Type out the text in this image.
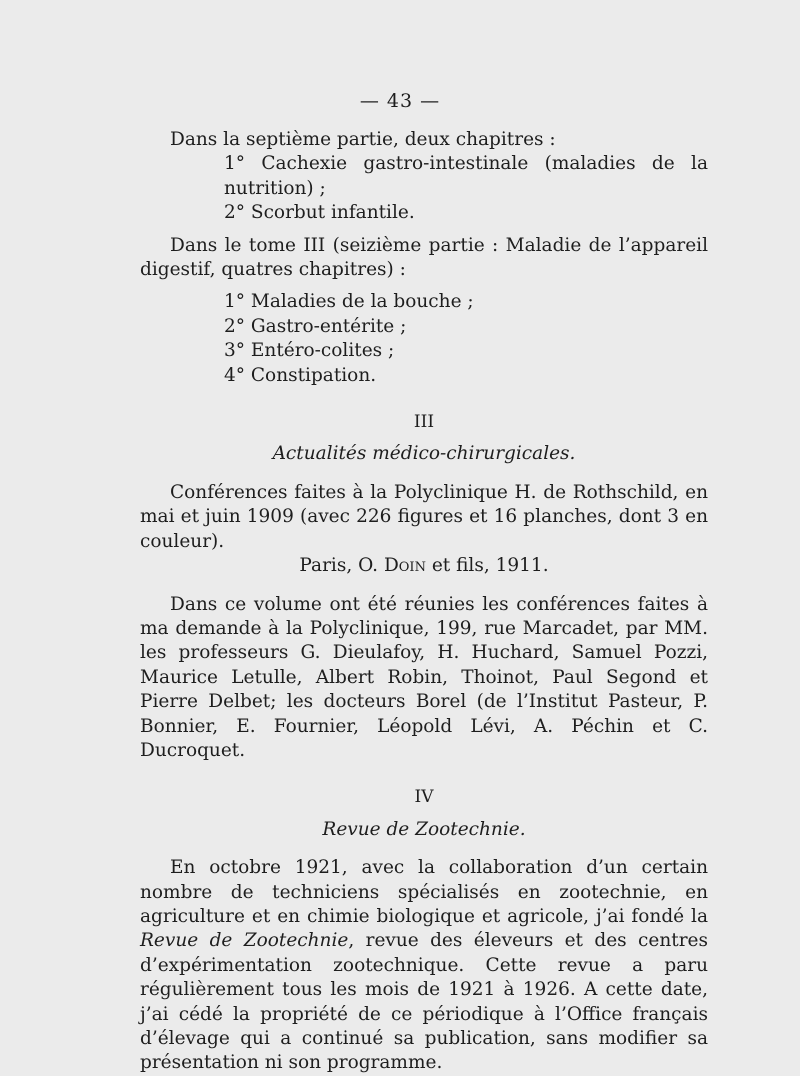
— 43 —

Dans la septième partie, deux chapitres :

1° Cachexie gastro-intestinale (maladies de la nutrition) ;

2° Scorbut infantile.

Dans le tome III (seizième partie : Maladie de l’appareil digestif, quatres chapitres) :

1° Maladies de la bouche ;

2° Gastro-entérite ;

3° Entéro-colites ;

4° Constipation.

III

Actualités médico-chirurgicales.

Conférences faites à la Polyclinique H. de Rothschild, en mai et juin 1909 (avec 226 figures et 16 planches, dont 3 en couleur).

Paris, O. Doin et fils, 1911.

Dans ce volume ont été réunies les conférences faites à ma demande à la Polyclinique, 199, rue Marcadet, par MM. les professeurs G. Dieulafoy, H. Huchard, Samuel Pozzi, Maurice Letulle, Albert Robin, Thoinot, Paul Segond et Pierre Delbet; les docteurs Borel (de l’Institut Pasteur, P. Bonnier, E. Fournier, Léopold Lévi, A. Péchin et C. Ducroquet.

IV

Revue de Zootechnie.

En octobre 1921, avec la collaboration d’un certain nombre de techniciens spécialisés en zootechnie, en agriculture et en chimie biologique et agricole, j’ai fondé la Revue de Zootechnie, revue des éleveurs et des centres d’expérimentation zootechnique. Cette revue a paru régulièrement tous les mois de 1921 à 1926. A cette date, j’ai cédé la propriété de ce périodique à l’Office français d’élevage qui a continué sa publication, sans modifier sa présentation ni son programme.
